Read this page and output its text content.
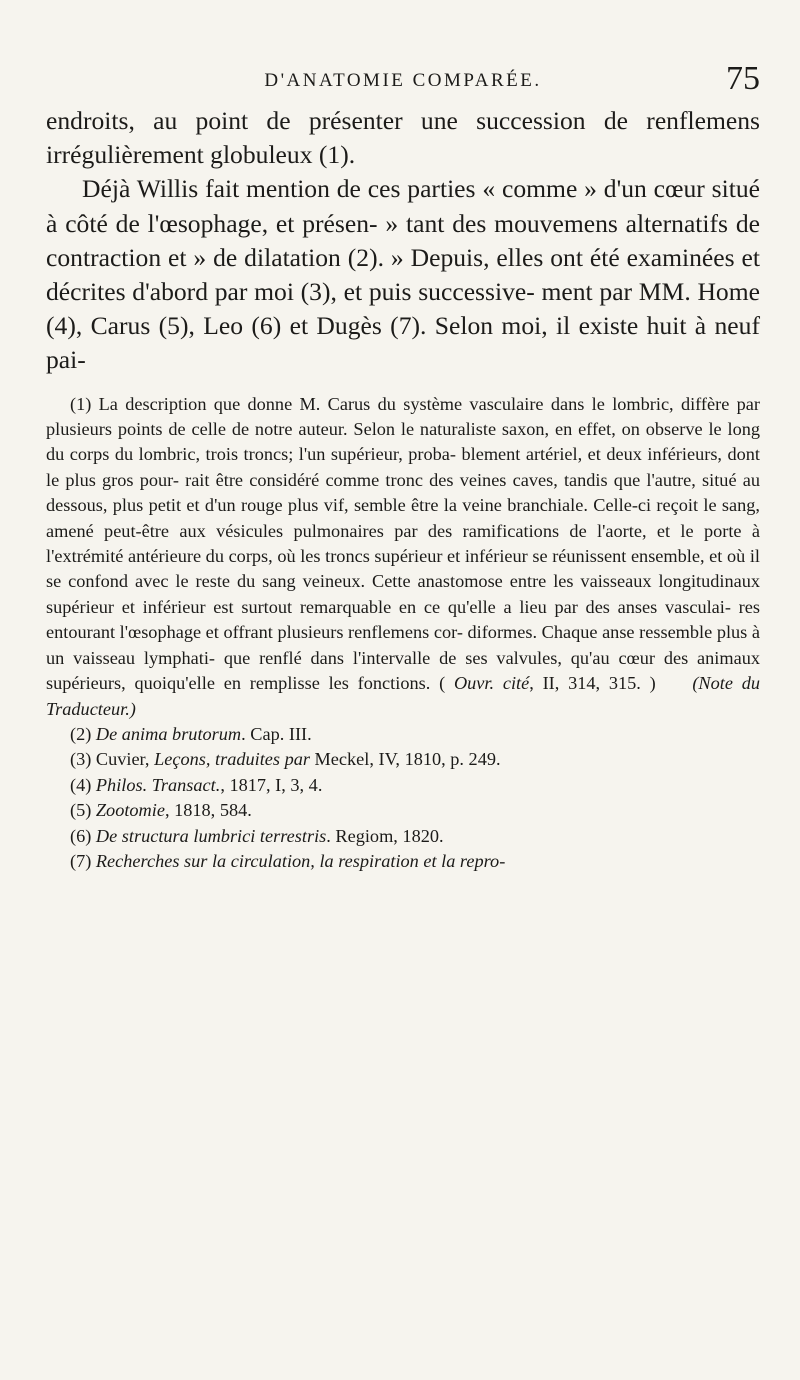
D'ANATOMIE COMPARÉE.	75

endroits, au point de présenter une succession de renflemens irrégulièrement globuleux (1).

Déjà Willis fait mention de ces parties « comme » d'un cœur situé à côté de l'œsophage, et présen- » tant des mouvemens alternatifs de contraction et » de dilatation (2). » Depuis, elles ont été examinées et décrites d'abord par moi (3), et puis successive- ment par MM. Home (4), Carus (5), Leo (6) et Dugès (7). Selon moi, il existe huit à neuf pai-

(1) La description que donne M. Carus du système vasculaire dans le lombric, diffère par plusieurs points de celle de notre auteur. Selon le naturaliste saxon, en effet, on observe le long du corps du lombric, trois troncs; l'un supérieur, proba- blement artériel, et deux inférieurs, dont le plus gros pour- rait être considéré comme tronc des veines caves, tandis que l'autre, situé au dessous, plus petit et d'un rouge plus vif, semble être la veine branchiale. Celle-ci reçoit le sang, amené peut-être aux vésicules pulmonaires par des ramifications de l'aorte, et le porte à l'extrémité antérieure du corps, où les troncs supérieur et inférieur se réunissent ensemble, et où il se confond avec le reste du sang veineux. Cette anastomose entre les vaisseaux longitudinaux supérieur et inférieur est surtout remarquable en ce qu'elle a lieu par des anses vasculai- res entourant l'œsophage et offrant plusieurs renflemens cor- diformes. Chaque anse ressemble plus à un vaisseau lymphati- que renflé dans l'intervalle de ses valvules, qu'au cœur des animaux supérieurs, quoiqu'elle en remplisse les fonctions. ( Ouvr. cité, II, 314, 315. )   (Note du Traducteur.)

(2) De anima brutorum. Cap. III.

(3) Cuvier, Leçons, traduites par Meckel, IV, 1810, p. 249.

(4) Philos. Transact., 1817, I, 3, 4.

(5) Zootomie, 1818, 584.

(6) De structura lumbrici terrestris. Regiom, 1820.

(7) Recherches sur la circulation, la respiration et la repro-
